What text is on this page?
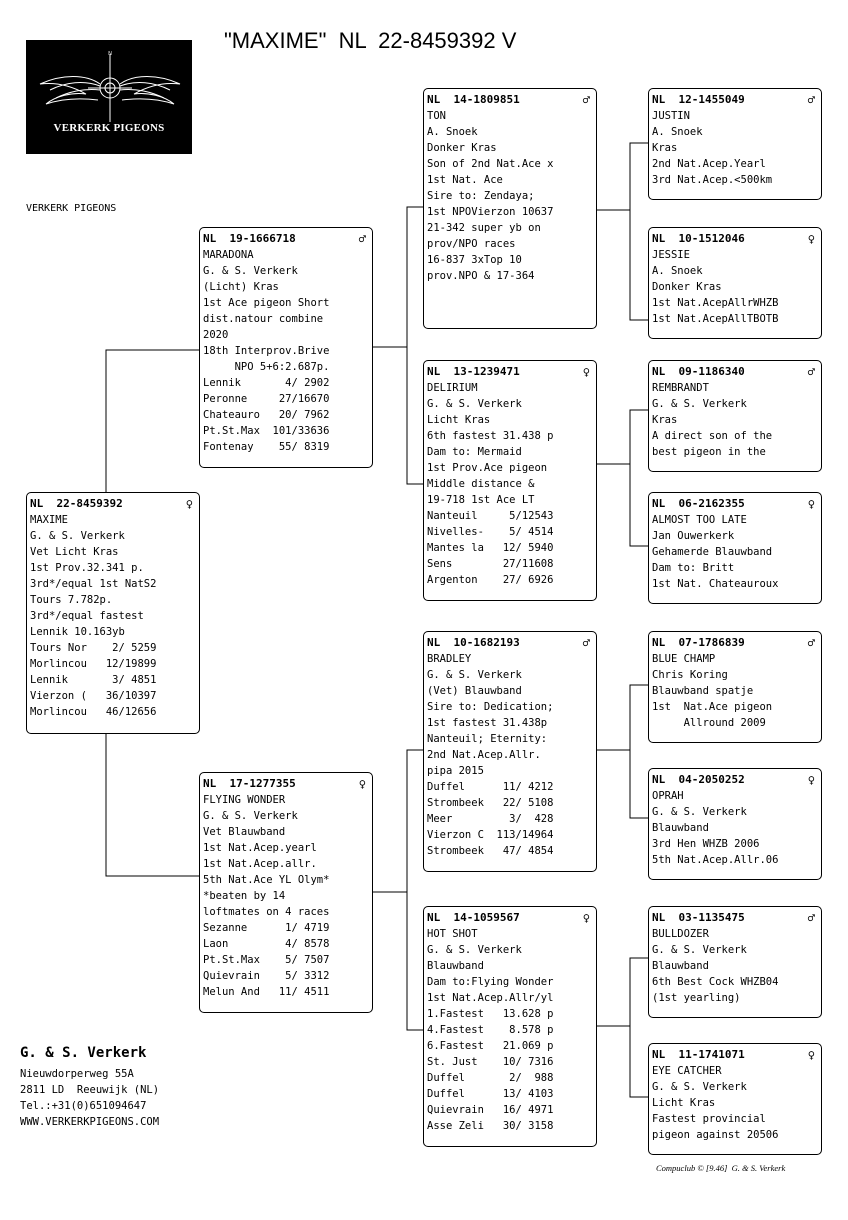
"MAXIME"  NL  22-8459392 V
N
VERKERK PIGEONS
VERKERK PIGEONS
NL  22-8459392	♀
MAXIME
G. & S. Verkerk
Vet Licht Kras
1st Prov.32.341 p.
3rd*/equal 1st NatS2
Tours 7.782p.
3rd*/equal fastest
Lennik 10.163yb
Tours Nor    2/ 5259
Morlincou   12/19899
Lennik       3/ 4851
Vierzon (   36/10397
Morlincou   46/12656
NL  19-1666718	♂
MARADONA
G. & S. Verkerk
(Licht) Kras
1st Ace pigeon Short
dist.natour combine
2020
18th Interprov.Brive
NPO 5+6:2.687p.
Lennik       4/ 2902
Peronne     27/16670
Chateauro   20/ 7962
Pt.St.Max  101/33636
Fontenay    55/ 8319
NL  17-1277355	♀
FLYING WONDER
G. & S. Verkerk
Vet Blauwband
1st Nat.Acep.yearl
1st Nat.Acep.allr.
5th Nat.Ace YL Olym*
*beaten by 14
loftmates on 4 races
Sezanne      1/ 4719
Laon         4/ 8578
Pt.St.Max    5/ 7507
Quievrain    5/ 3312
Melun And   11/ 4511
NL  14-1809851	♂
TON
A. Snoek
Donker Kras
Son of 2nd Nat.Ace x
1st Nat. Ace
Sire to: Zendaya;
1st NPOVierzon 10637
21-342 super yb on
prov/NPO races
16-837 3xTop 10
prov.NPO & 17-364
NL  13-1239471	♀
DELIRIUM
G. & S. Verkerk
Licht Kras
6th fastest 31.438 p
Dam to: Mermaid
1st Prov.Ace pigeon
Middle distance &
19-718 1st Ace LT
Nanteuil     5/12543
Nivelles-    5/ 4514
Mantes la   12/ 5940
Sens        27/11608
Argenton    27/ 6926
NL  10-1682193	♂
BRADLEY
G. & S. Verkerk
(Vet) Blauwband
Sire to: Dedication;
1st fastest 31.438p
Nanteuil; Eternity:
2nd Nat.Acep.Allr.
pipa 2015
Duffel      11/ 4212
Strombeek   22/ 5108
Meer         3/  428
Vierzon C  113/14964
Strombeek   47/ 4854
NL  14-1059567	♀
HOT SHOT
G. & S. Verkerk
Blauwband
Dam to:Flying Wonder
1st Nat.Acep.Allr/yl
1.Fastest   13.628 p
4.Fastest    8.578 p
6.Fastest   21.069 p
St. Just    10/ 7316
Duffel       2/  988
Duffel      13/ 4103
Quievrain   16/ 4971
Asse Zeli   30/ 3158
NL  12-1455049	♂
JUSTIN
A. Snoek
Kras
2nd Nat.Acep.Yearl
3rd Nat.Acep.<500km
NL  10-1512046	♀
JESSIE
A. Snoek
Donker Kras
1st Nat.AcepAllrWHZB
1st Nat.AcepAllTBOTB
NL  09-1186340	♂
REMBRANDT
G. & S. Verkerk
Kras
A direct son of the
best pigeon in the
NL  06-2162355	♀
ALMOST TOO LATE
Jan Ouwerkerk
Gehamerde Blauwband
Dam to: Britt
1st Nat. Chateauroux
NL  07-1786839	♂
BLUE CHAMP
Chris Koring
Blauwband spatje
1st  Nat.Ace pigeon
Allround 2009
NL  04-2050252	♀
OPRAH
G. & S. Verkerk
Blauwband
3rd Hen WHZB 2006
5th Nat.Acep.Allr.06
NL  03-1135475	♂
BULLDOZER
G. & S. Verkerk
Blauwband
6th Best Cock WHZB04
(1st yearling)
NL  11-1741071	♀
EYE CATCHER
G. & S. Verkerk
Licht Kras
Fastest provincial
pigeon against 20506
G. & S. Verkerk
Nieuwdorperweg 55A
2811 LD  Reeuwijk (NL)
Tel.:+31(0)651094647
WWW.VERKERKPIGEONS.COM
Compuclub © [9.46]  G. & S. Verkerk
